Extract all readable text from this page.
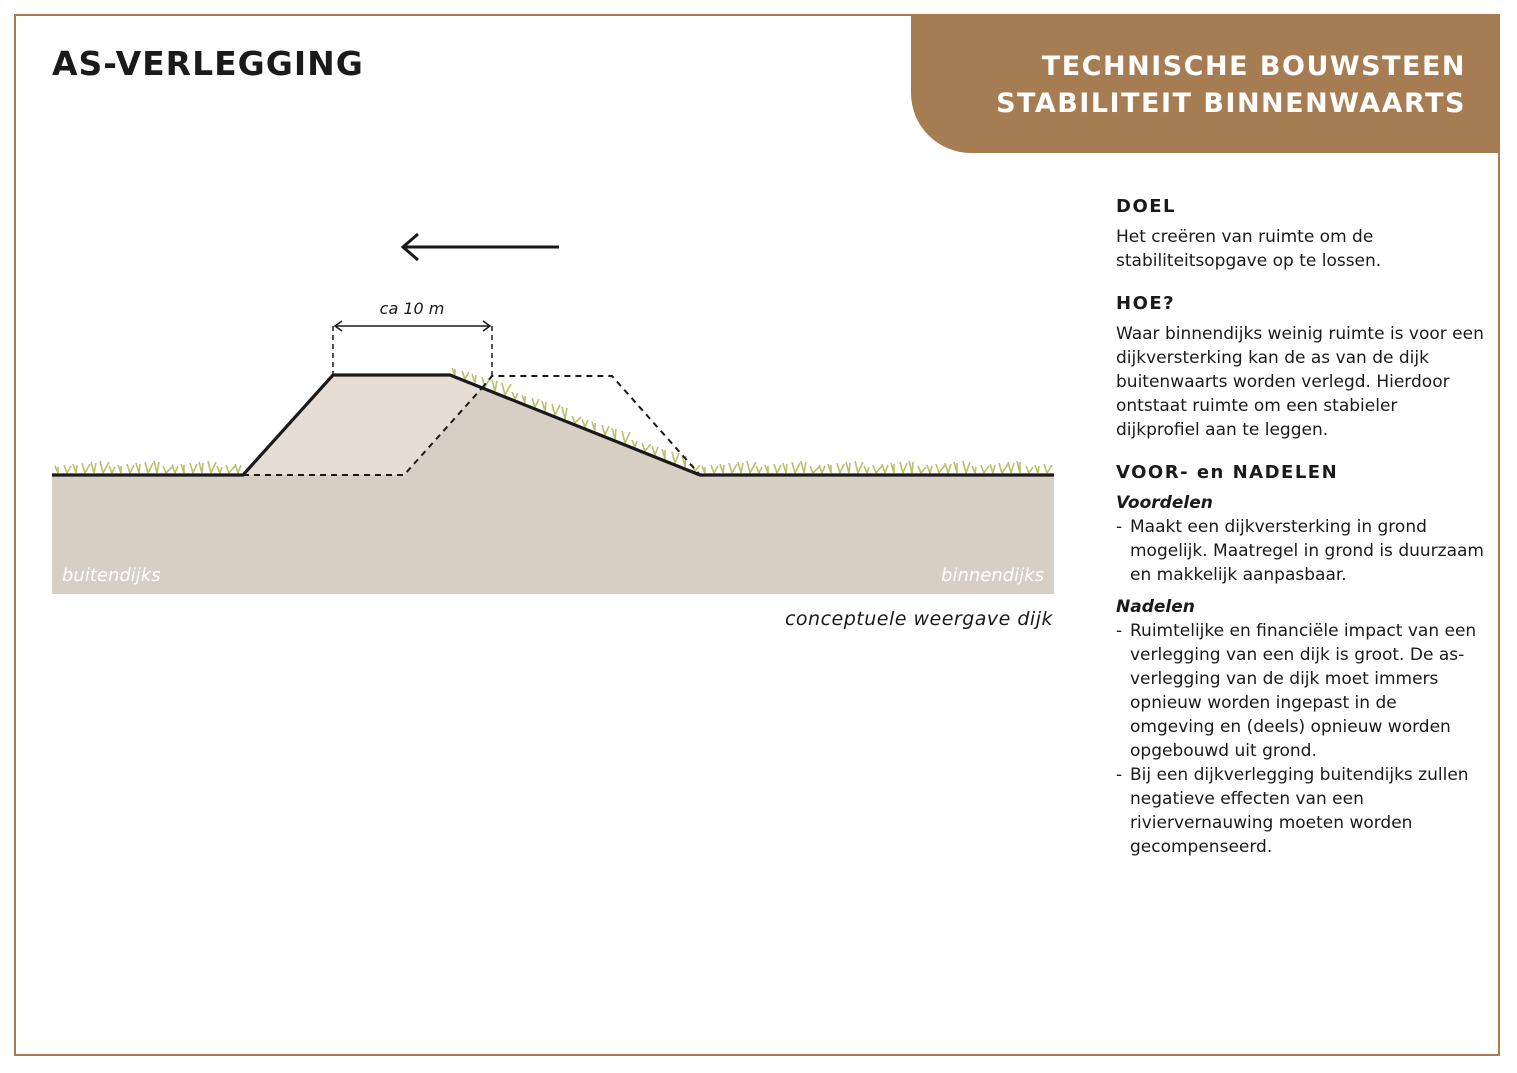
AS-VERLEGGING	TECHNISCHE BOUWSTEEN
STABILITEIT BINNENWAARTS
ca 10 m
buitendijks	binnendijks
conceptuele weergave dijk
DOEL

Het creëren van ruimte om de stabiliteitsopgave op te lossen.

HOE?

Waar binnendijks weinig ruimte is voor een dijkversterking kan de as van de dijk buitenwaarts worden verlegd. Hierdoor ontstaat ruimte om een stabieler dijkprofiel aan te leggen.

VOOR- en NADELEN
Voordelen
- Maakt een dijkversterking in grond mogelijk. Maatregel in grond is duurzaam en makkelijk aanpasbaar.
Nadelen
- Ruimtelijke en financiële impact van een verlegging van een dijk is groot. De as-verlegging van de dijk moet immers opnieuw worden ingepast in de omgeving en (deels) opnieuw worden opgebouwd uit grond.
- Bij een dijkverlegging buitendijks zullen negatieve effecten van een riviervernauwing moeten worden gecompenseerd.
